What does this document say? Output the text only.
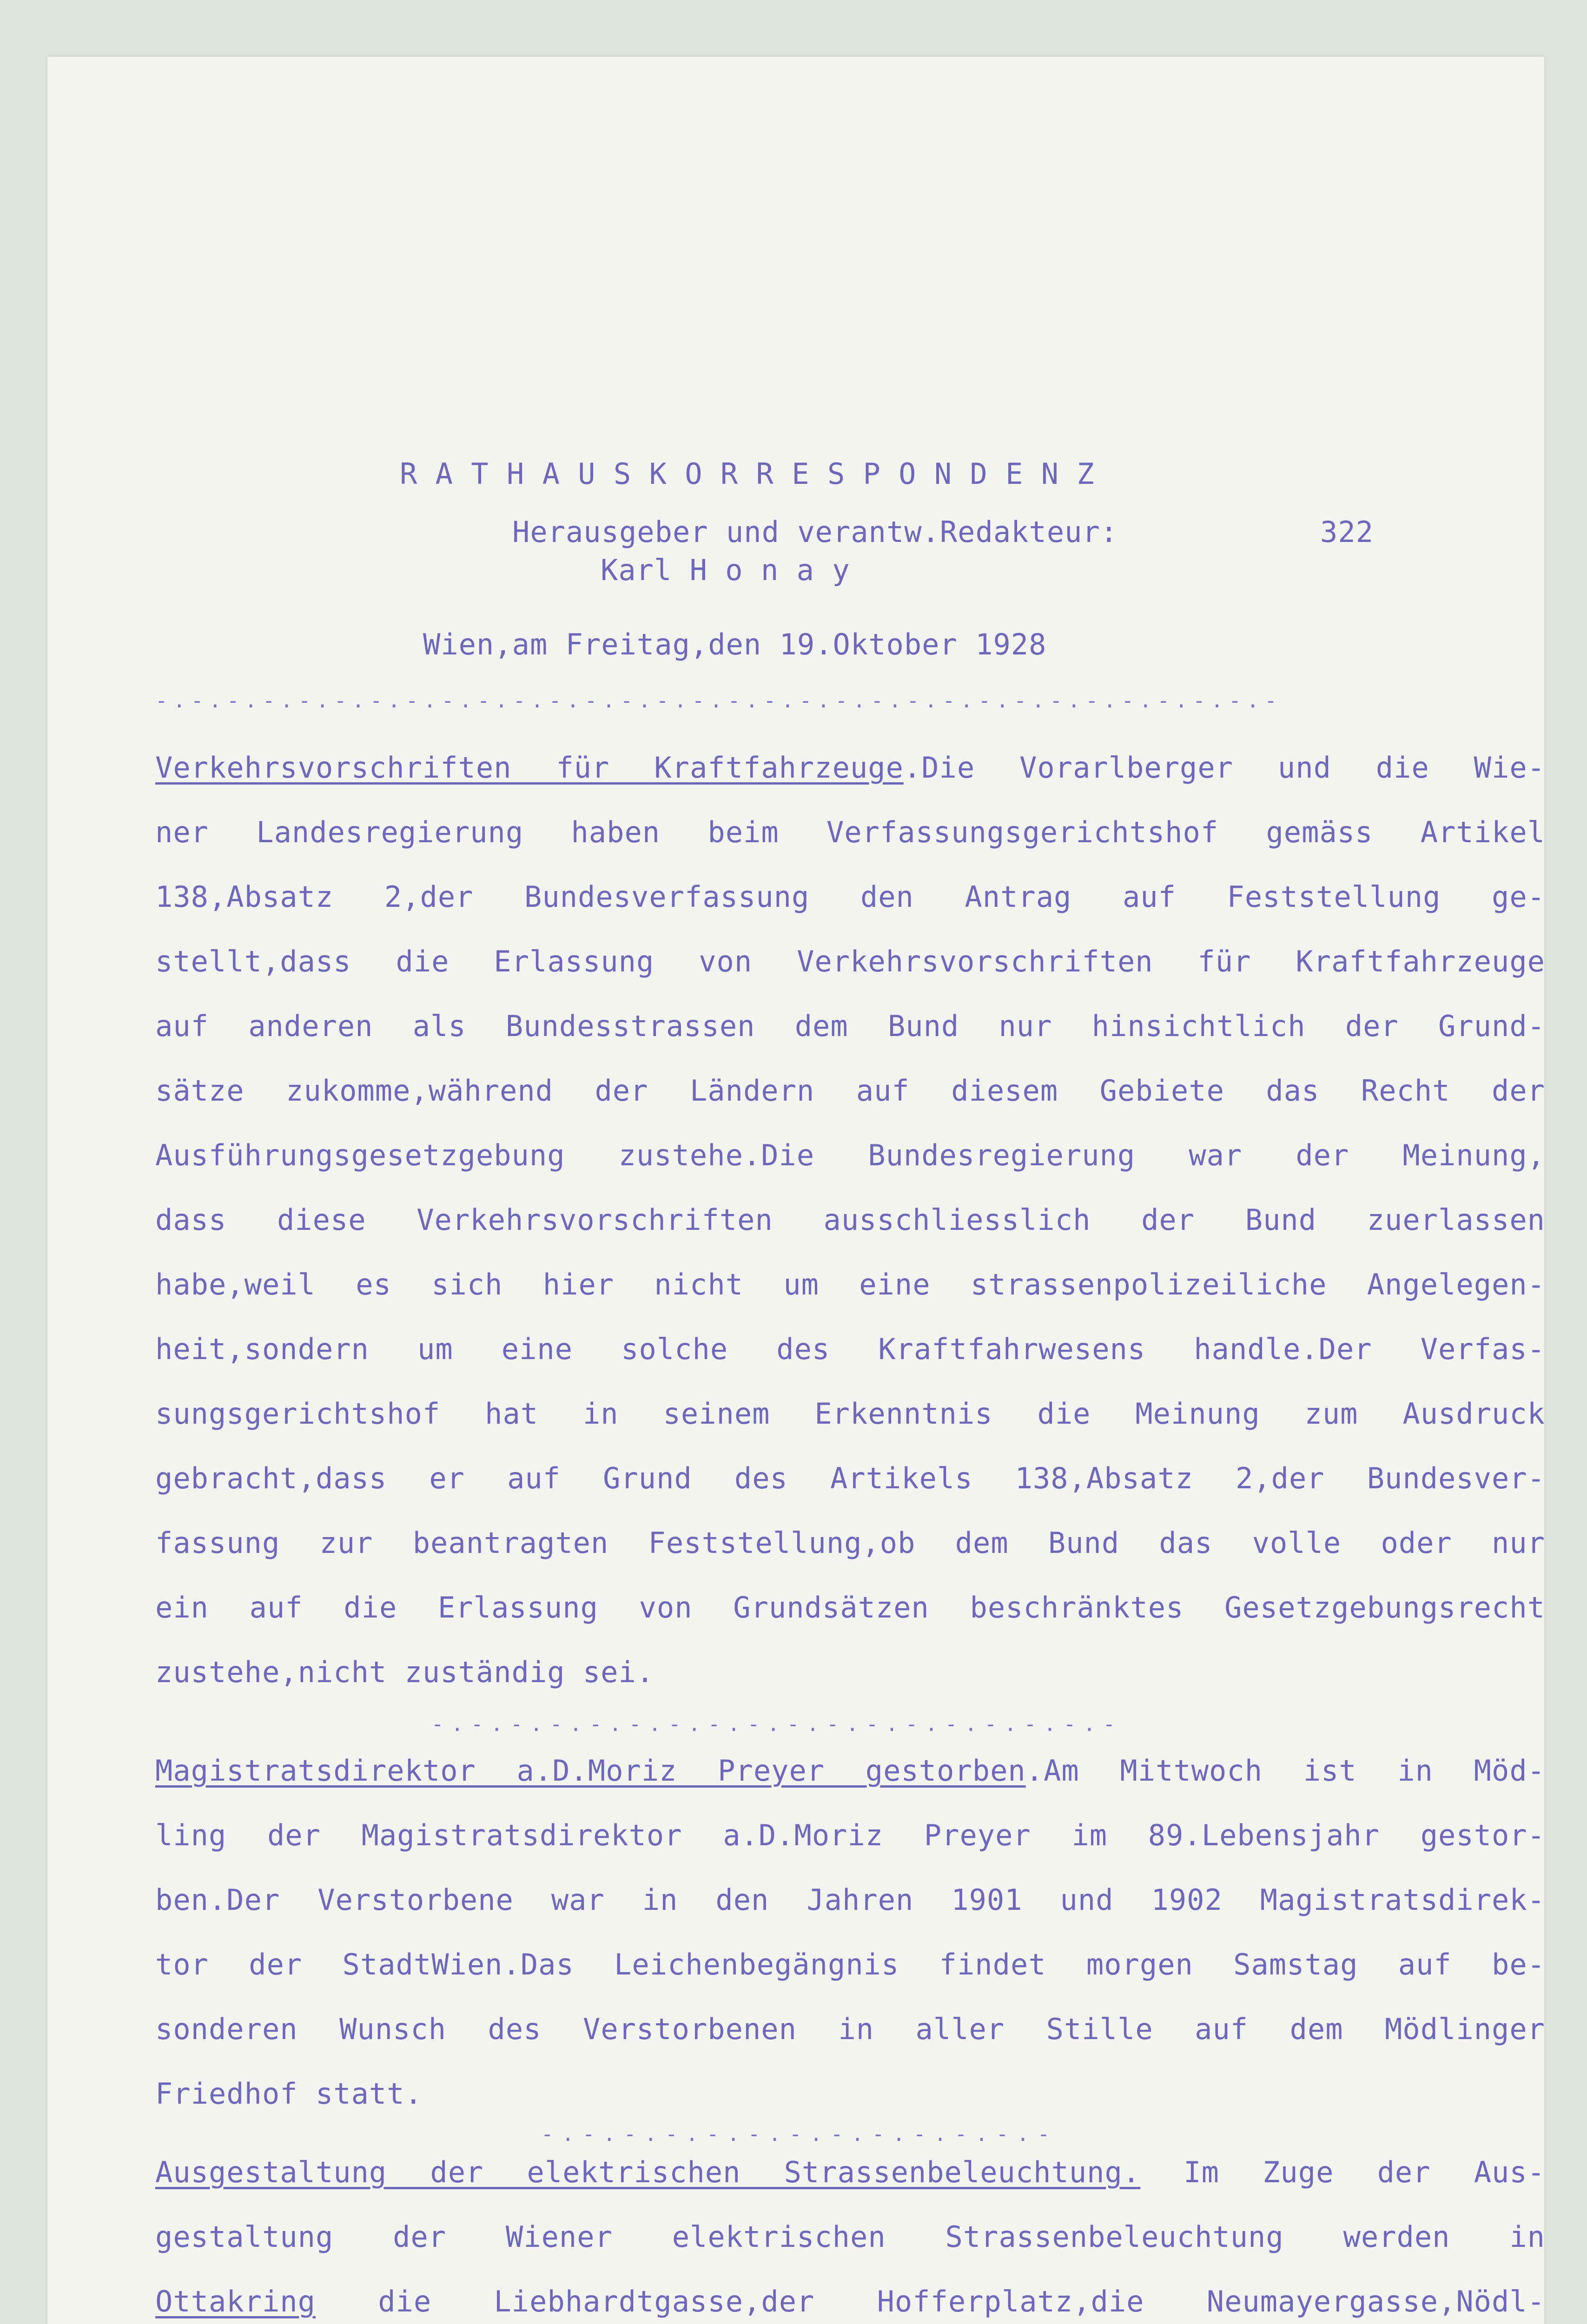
R A T H A U S K O R R E S P O N D E N Z
Herausgeber und verantw.Redakteur:	322
Karl H o n a y
Wien,am Freitag,den 19.Oktober 1928
-.-.-.-.-.-.-.-.-.-.-.-.-.-.-.-.-.-.-.-.-.-.-.-.-.-.-.-.-.-.-.-
Verkehrsvorschriften für Kraftfahrzeuge.Die Vorarlberger und die Wie-
ner Landesregierung haben beim Verfassungsgerichtshof gemäss Artikel
138,Absatz 2,der Bundesverfassung den Antrag auf Feststellung ge-
stellt,dass die Erlassung von Verkehrsvorschriften für Kraftfahrzeuge
auf anderen als Bundesstrassen dem Bund nur hinsichtlich der Grund-
sätze zukomme,während der Ländern auf diesem Gebiete das Recht der
Ausführungsgesetzgebung zustehe.Die Bundesregierung war der Meinung,
dass diese Verkehrsvorschriften ausschliesslich der Bund zuerlassen
habe,weil es sich hier nicht um eine strassenpolizeiliche Angelegen-
heit,sondern um eine solche des Kraftfahrwesens handle.Der Verfas-
sungsgerichtshof hat in seinem Erkenntnis die Meinung zum Ausdruck
gebracht,dass er auf Grund des Artikels 138,Absatz 2,der Bundesver-
fassung zur beantragten Feststellung,ob dem Bund das volle oder nur
ein auf die Erlassung von Grundsätzen beschränktes Gesetzgebungsrecht
zustehe,nicht zuständig sei.
-.-.-.-.-.-.-.-.-.-.-.-.-.-.-.-.-.-
Magistratsdirektor a.D.Moriz Preyer gestorben.Am Mittwoch ist in Möd-
ling der Magistratsdirektor a.D.Moriz Preyer im 89.Lebensjahr gestor-
ben.Der Verstorbene war in den Jahren 1901 und 1902 Magistratsdirek-
tor der StadtWien.Das Leichenbegängnis findet morgen Samstag auf be-
sonderen Wunsch des Verstorbenen in aller Stille auf dem Mödlinger
Friedhof statt.
-.-.-.-.-.-.-.-.-.-.-.-.-
Ausgestaltung der elektrischen Strassenbeleuchtung. Im Zuge der Aus-
gestaltung der Wiener elektrischen Strassenbeleuchtung werden in
Ottakring die Liebhardtgasse,der Hofferplatz,die Neumayergasse,Nödl-
